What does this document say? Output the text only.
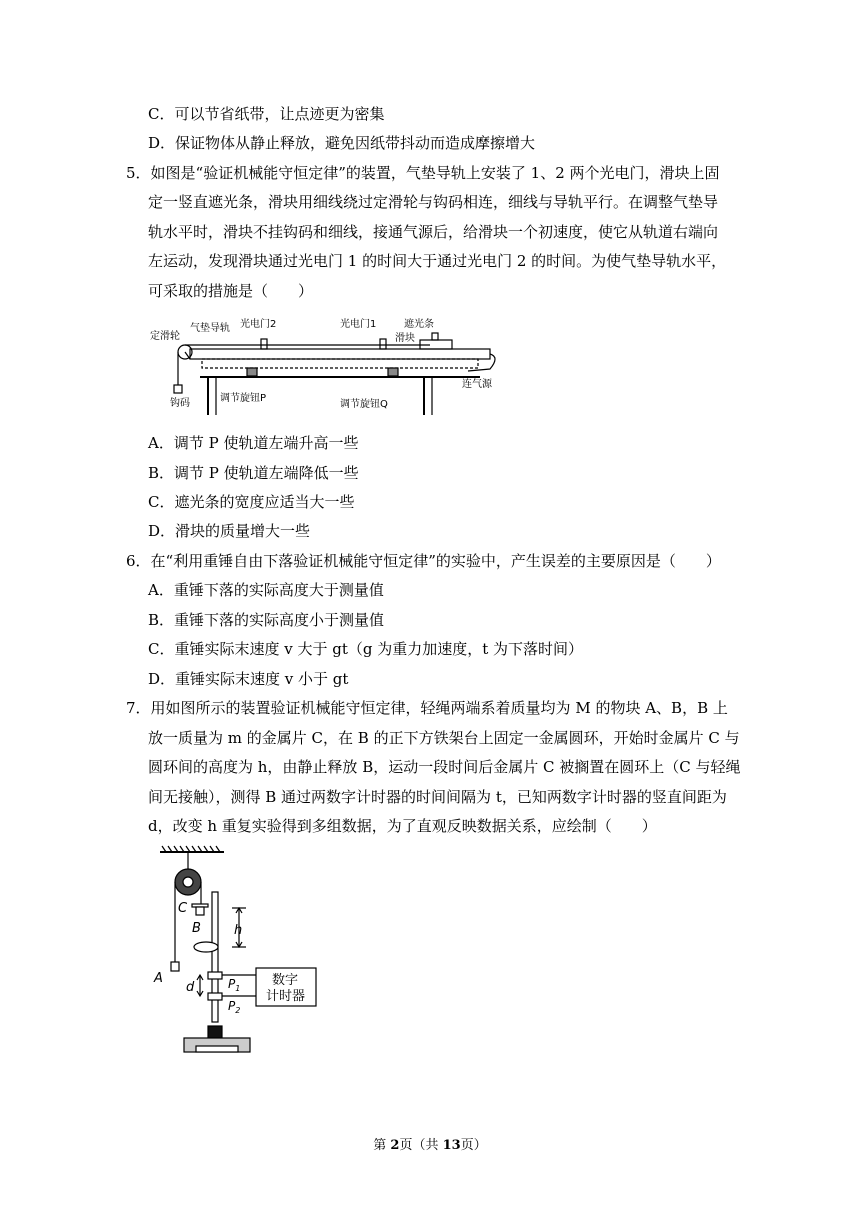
C．可以节省纸带，让点迹更为密集
D．保证物体从静止释放，避免因纸带抖动而造成摩擦增大
5．如图是“验证机械能守恒定律”的装置，气垫导轨上安装了 1、2 两个光电门，滑块上固
定一竖直遮光条，滑块用细线绕过定滑轮与钩码相连，细线与导轨平行。在调整气垫导
轨水平时，滑块不挂钩码和细线，接通气源后，给滑块一个初速度，使它从轨道右端向
左运动，发现滑块通过光电门 1 的时间大于通过光电门 2 的时间。为使气垫导轨水平，
可采取的措施是（　　）
定滑轮
气垫导轨 光电门2	光电门1	遮光条
滑块
连气源
钩码	调节旋钮P
调节旋钮Q
A．调节 P 使轨道左端升高一些
B．调节 P 使轨道左端降低一些
C．遮光条的宽度应适当大一些
D．滑块的质量增大一些
6．在“利用重锤自由下落验证机械能守恒定律”的实验中，产生误差的主要原因是（　　）
A．重锤下落的实际高度大于测量值
B．重锤下落的实际高度小于测量值
C．重锤实际末速度 v 大于 gt（g 为重力加速度，t 为下落时间）
D．重锤实际末速度 v 小于 gt
7．用如图所示的装置验证机械能守恒定律，轻绳两端系着质量均为 M 的物块 A、B，B 上
放一质量为 m 的金属片 C，在 B 的正下方铁架台上固定一金属圆环，开始时金属片 C 与
圆环间的高度为 h，由静止释放 B，运动一段时间后金属片 C 被搁置在圆环上（C 与轻绳
间无接触），测得 B 通过两数字计时器的时间间隔为 t，已知两数字计时器的竖直间距为
d，改变 h 重复实验得到多组数据，为了直观反映数据关系，应绘制（　　）
C
B
A
h
d	$P_1$
$P_2$
数字
计时器
第 2页（共 13页）
